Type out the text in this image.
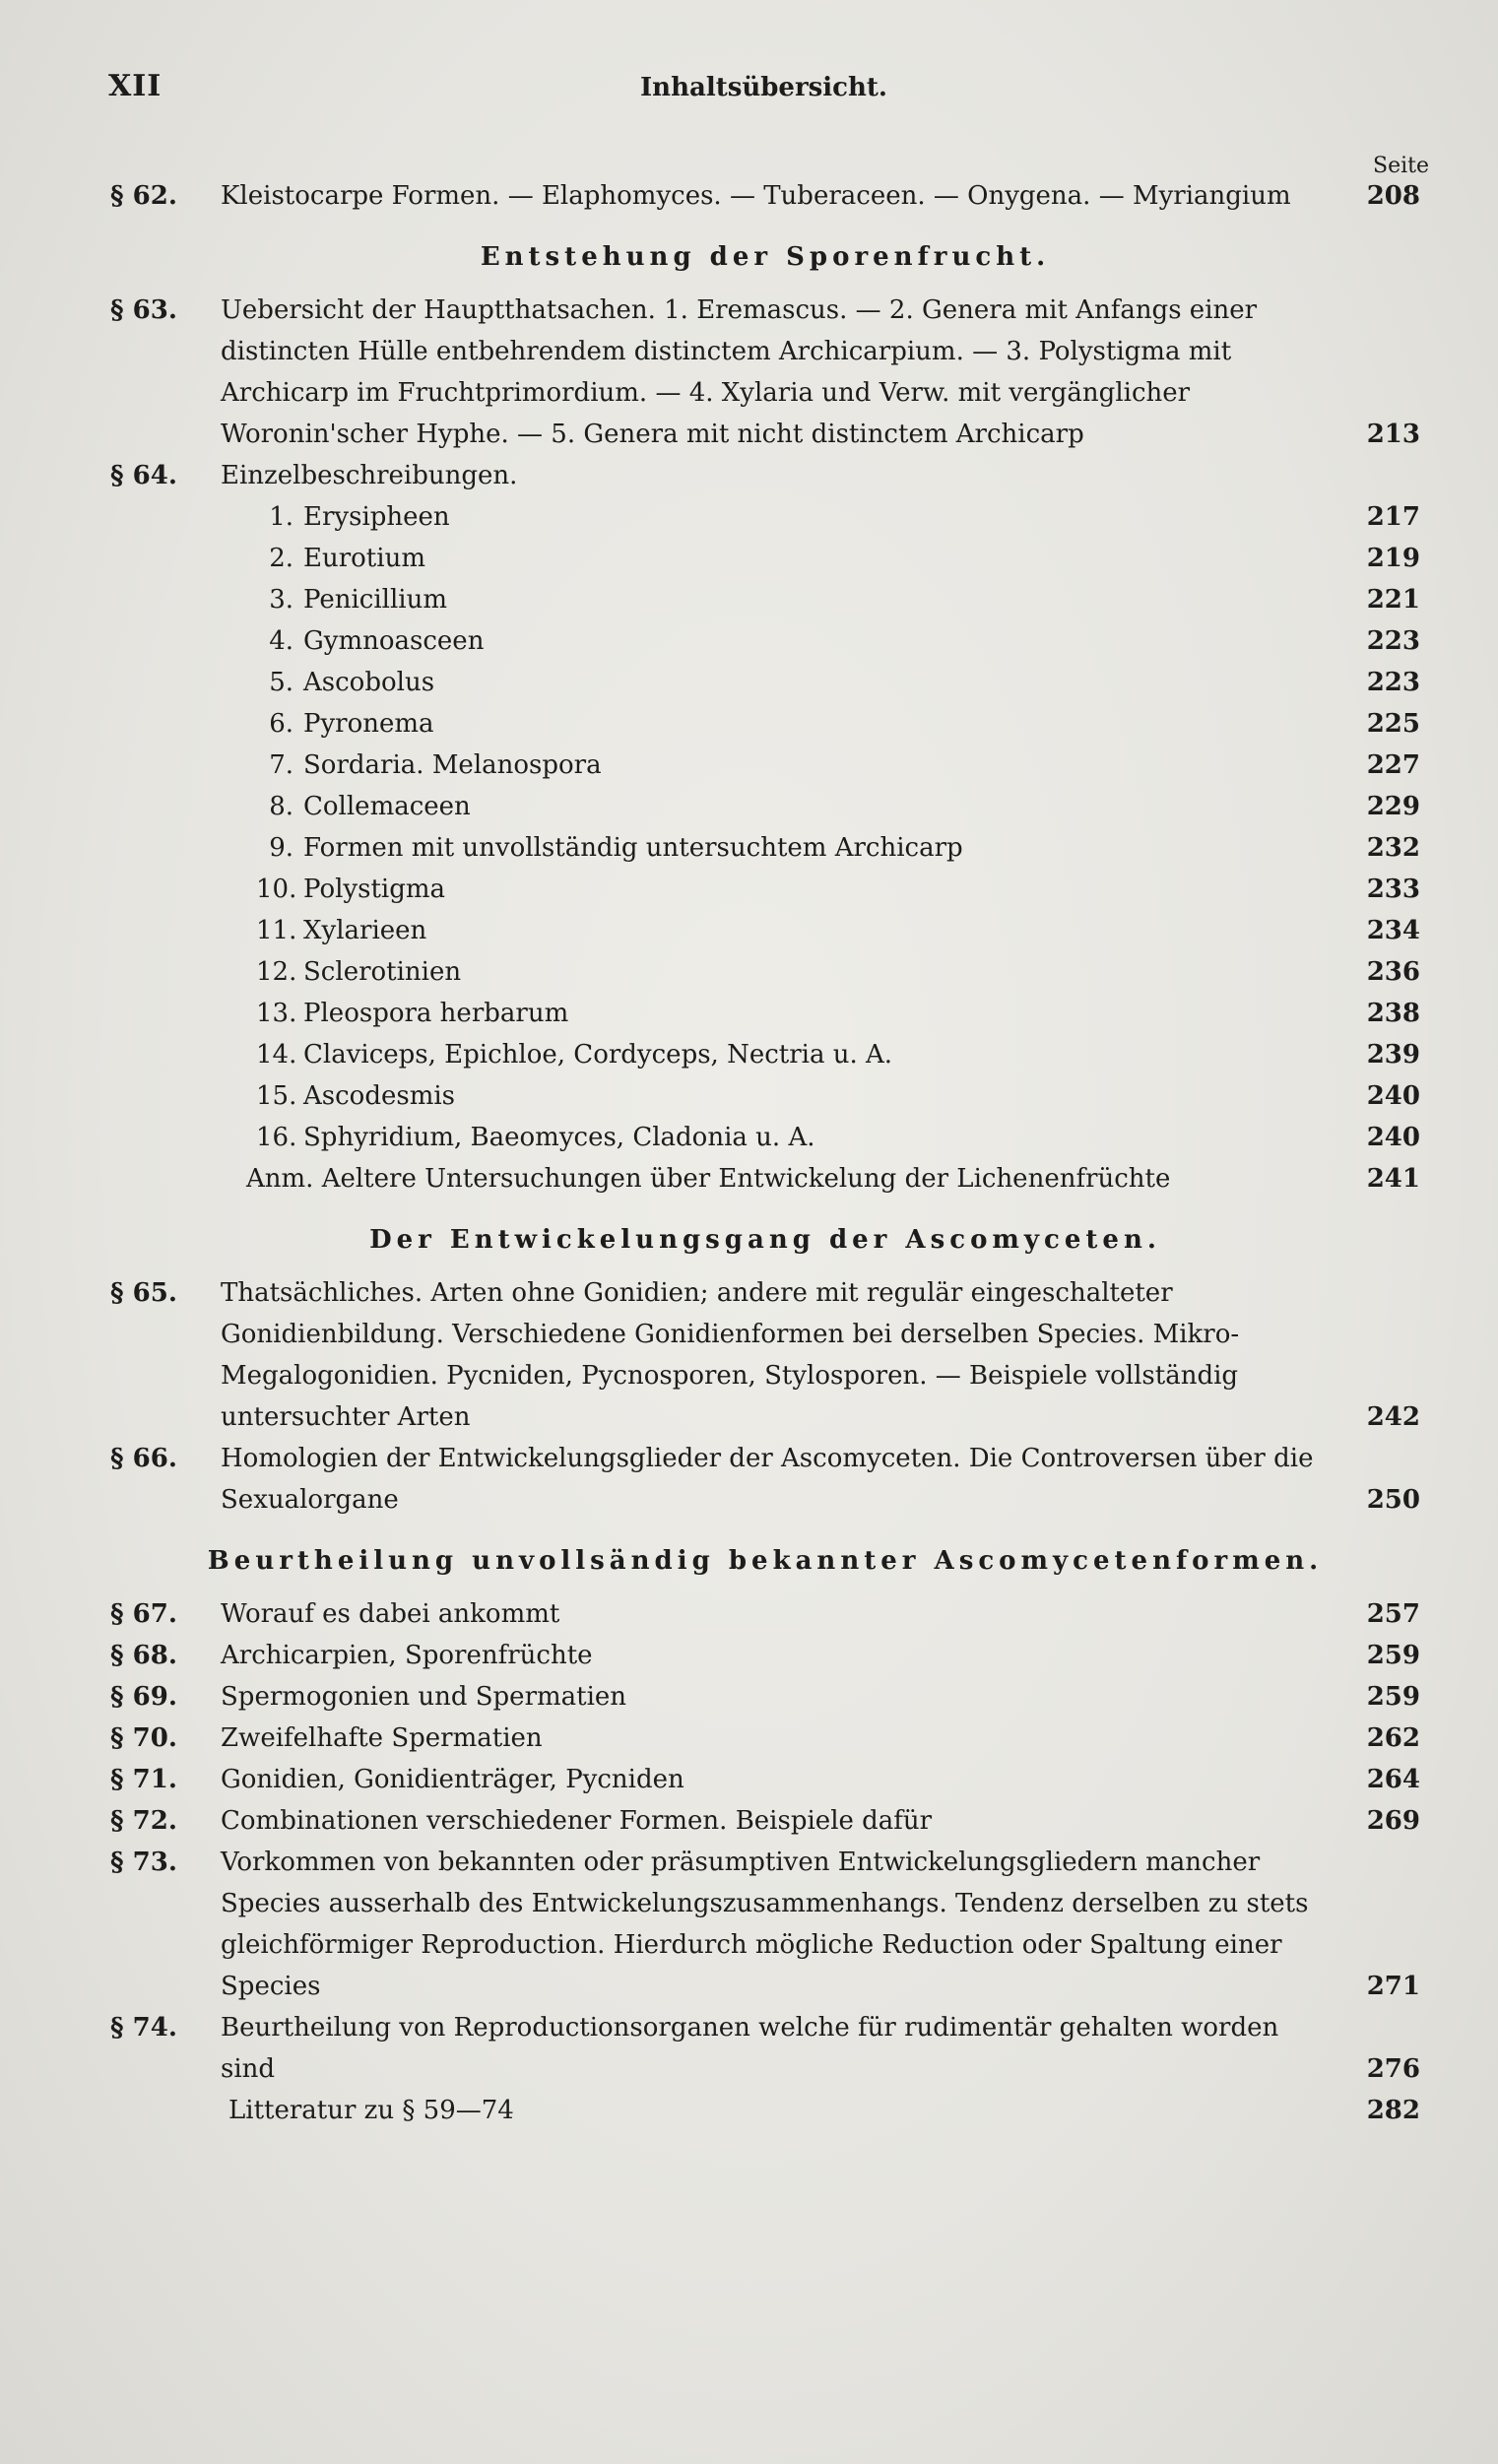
XII	Inhaltsübersicht.
Seite
§ 62.	Kleistocarpe Formen. — Elaphomyces. — Tuberaceen. — Onygena. — Myriangium	208
Entstehung der Sporenfrucht.
§ 63.	Uebersicht der Hauptthatsachen. 1. Eremascus. — 2. Genera mit Anfangs einer distincten Hülle entbehrendem distinctem Archicarpium. — 3. Polystigma mit Archicarp im Fruchtprimordium. — 4. Xylaria und Verw. mit vergänglicher Woronin'scher Hyphe. — 5. Genera mit nicht distinctem Archicarp	213
§ 64.	Einzelbeschreibungen.
1. Erysipheen	217
2. Eurotium	219
3. Penicillium	221
4. Gymnoasceen	223
5. Ascobolus	223
6. Pyronema	225
7. Sordaria. Melanospora	227
8. Collemaceen	229
9. Formen mit unvollständig untersuchtem Archicarp	232
10. Polystigma	233
11. Xylarieen	234
12. Sclerotinien	236
13. Pleospora herbarum	238
14. Claviceps, Epichloe, Cordyceps, Nectria u. A.	239
15. Ascodesmis	240
16. Sphyridium, Baeomyces, Cladonia u. A.	240
Anm. Aeltere Untersuchungen über Entwickelung der Lichenenfrüchte	241
Der Entwickelungsgang der Ascomyceten.
§ 65.	Thatsächliches. Arten ohne Gonidien; andere mit regulär eingeschalteter Gonidienbildung. Verschiedene Gonidienformen bei derselben Species. Mikro-Megalogonidien. Pycniden, Pycnosporen, Stylosporen. — Beispiele vollständig untersuchter Arten	242
§ 66.	Homologien der Entwickelungsglieder der Ascomyceten. Die Controversen über die Sexualorgane	250
Beurtheilung unvollsändig bekannter Ascomycetenformen.
§ 67.	Worauf es dabei ankommt	257
§ 68.	Archicarpien, Sporenfrüchte	259
§ 69.	Spermogonien und Spermatien	259
§ 70.	Zweifelhafte Spermatien	262
§ 71.	Gonidien, Gonidienträger, Pycniden	264
§ 72.	Combinationen verschiedener Formen. Beispiele dafür	269
§ 73.	Vorkommen von bekannten oder präsumptiven Entwickelungsgliedern mancher Species ausserhalb des Entwickelungszusammenhangs. Tendenz derselben zu stets gleichförmiger Reproduction. Hierdurch mögliche Reduction oder Spaltung einer Species	271
§ 74.	Beurtheilung von Reproductionsorganen welche für rudimentär gehalten worden sind	276
Litteratur zu § 59—74	282
